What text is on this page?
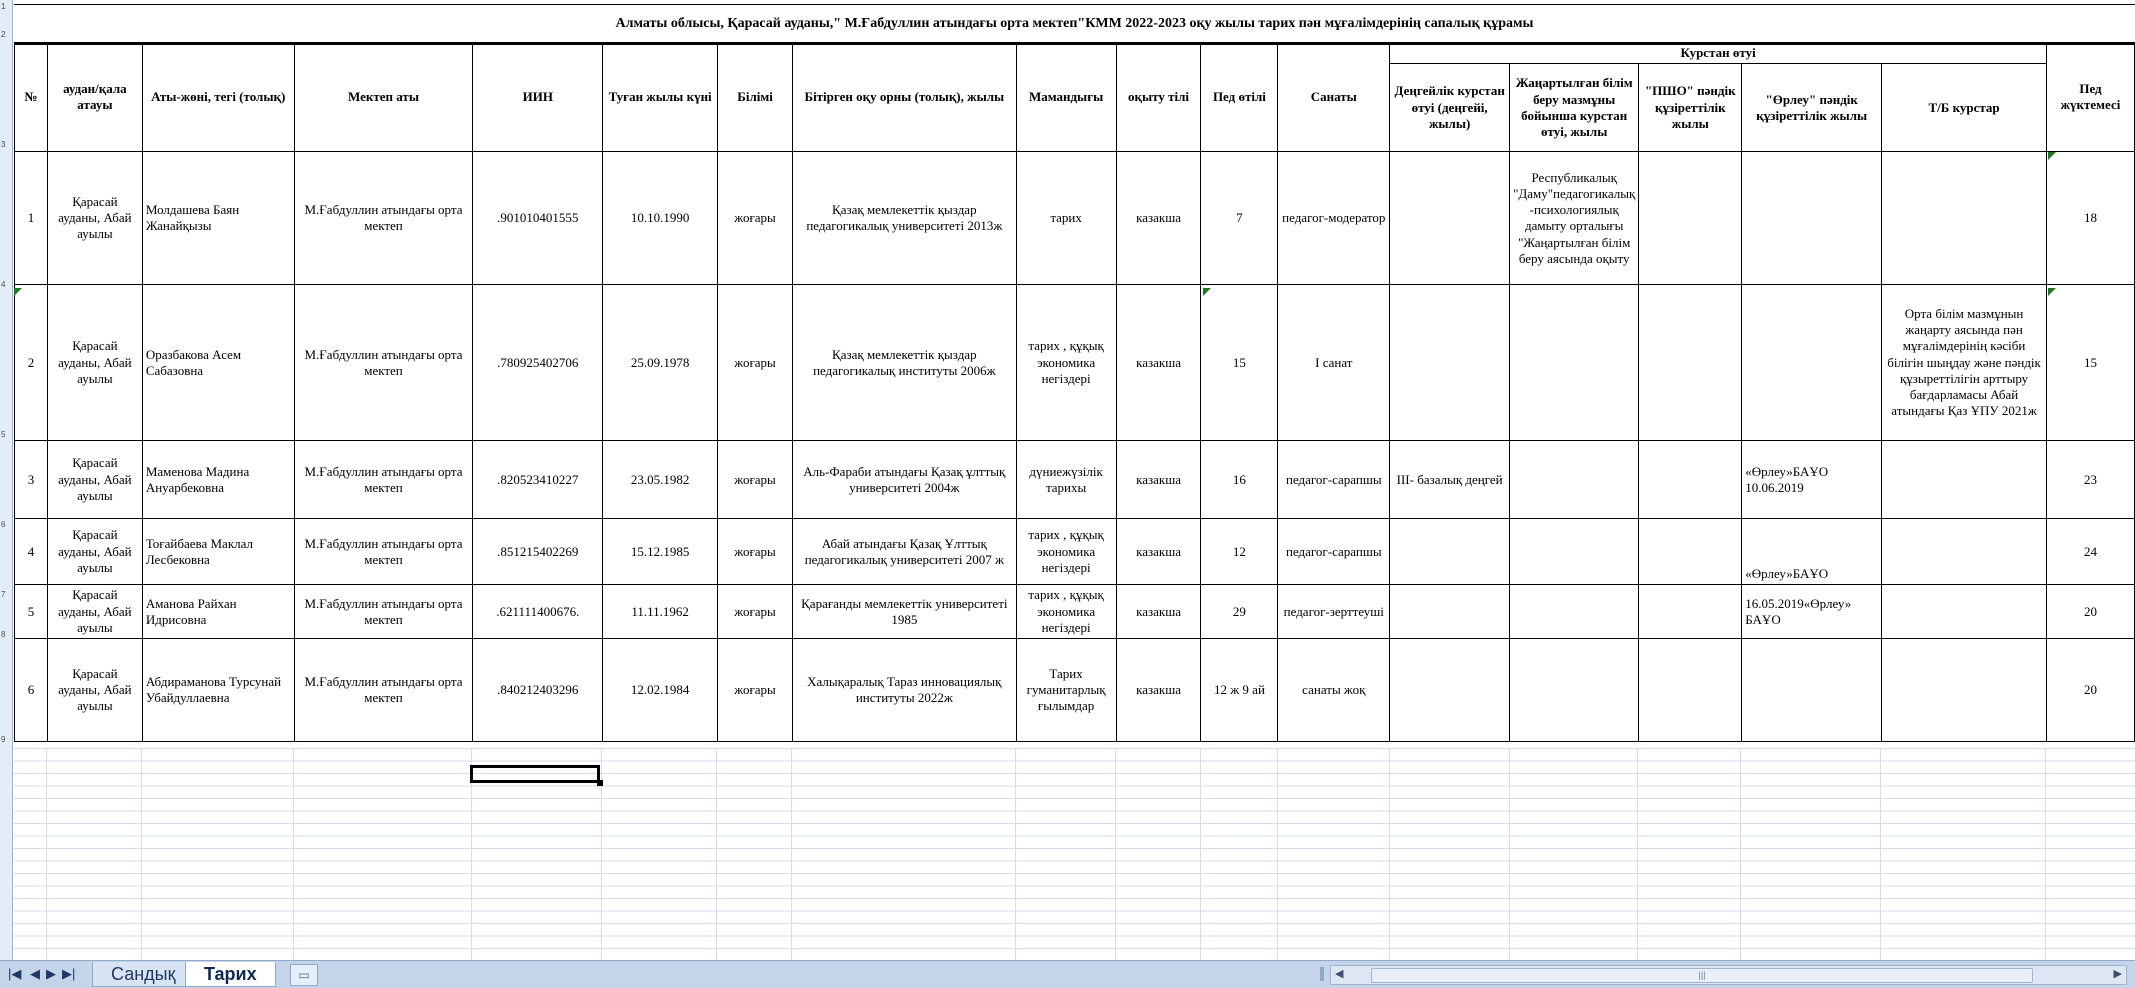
1
2
3
4
5
6
7
8
9
Алматы облысы, Қарасай ауданы," М.Ғабдуллин атындағы орта мектеп"КММ 2022-2023 оқу жылы тарих пән мұғалімдерінің сапалық құрамы
№	аудан/қала атауы	Аты-жөні, тегі (толық)	Мектеп аты	ИИН	Туған жылы күні	Білімі	Бітірген оқу орны (толық), жылы	Мамандығы	оқыту тілі	Пед өтілі	Санаты	Курстан өтуі					Пед жүктемесі
												Деңгейлік курстан өтуі (деңгейі, жылы)	Жаңартылған білім беру мазмұны бойынша курстан өтуі, жылы	"ПШО" пәндік құзіреттілік жылы	"Өрлеу" пәндік құзіреттілік жылы	Т/Б курстар	
1	Қарасай ауданы, Абай ауылы	Молдашева Баян Жанайқызы	М.Ғабдуллин атындағы орта мектеп	.901010401555	10.10.1990	жоғары	Қазақ мемлекеттік қыздар педагогикалық университеті 2013ж	тарих	казакша	7	педагог-модератор		Республикалық "Даму"педагогикалық -психологиялық дамыту орталығы "Жаңартылған білім беру аясында оқыту				18
2	Қарасай ауданы, Абай ауылы	Оразбакова Асем Сабазовна	М.Ғабдуллин атындағы орта мектеп	.780925402706	25.09.1978	жоғары	Қазақ мемлекеттік қыздар педагогикалық институты 2006ж	тарих , құқық экономика негіздері	казакша	15	I санат					Орта білім мазмұнын жаңарту аясында пән мұғалімдерінің кәсіби білігін шыңдау және пәндік құзыреттілігін арттыру бағдарламасы Абай атындағы Қаз ҰПУ 2021ж	15
3	Қарасай ауданы, Абай ауылы	Маменова Мадина Ануарбековна	М.Ғабдуллин атындағы орта мектеп	.820523410227	23.05.1982	жоғары	Аль-Фараби атындағы Қазақ ұлттық университеті 2004ж	дүниежүзілік тарихы	казакша	16	педагог-сарапшы	ІІІ- базалық деңгей			«Өрлеу»БАҰО 10.06.2019		23
4	Қарасай ауданы, Абай ауылы	Тоғайбаева Маклал Лесбековна	М.Ғабдуллин атындағы орта мектеп	.851215402269	15.12.1985	жоғары	Абай атындағы Қазақ Ұлттық педагогикалық университеті 2007 ж	тарих , құқық экономика негіздері	казакша	12	педагог-сарапшы				«Өрлеу»БАҰО		24
5	Қарасай ауданы, Абай ауылы	Аманова Райхан Идрисовна	М.Ғабдуллин атындағы орта мектеп	.621111400676.	11.11.1962	жоғары	Қарағанды мемлекеттік университеті 1985	тарих , құқық экономика негіздері	казакша	29	педагог-зерттеуші				16.05.2019«Өрлеу» БАҰО		20
6	Қарасай ауданы, Абай ауылы	Абдираманова Турсунай Убайдуллаевна	М.Ғабдуллин атындағы орта мектеп	.840212403296	12.02.1984	жоғары	Халықаралық Тараз инновациялық институты 2022ж	Тарих гуманитарлық ғылымдар	казакша	12 ж 9 ай	санаты жоқ						20
|◀ ◀ ▶ ▶|	Сандық	Тарих	▭	◀	|||	▶
